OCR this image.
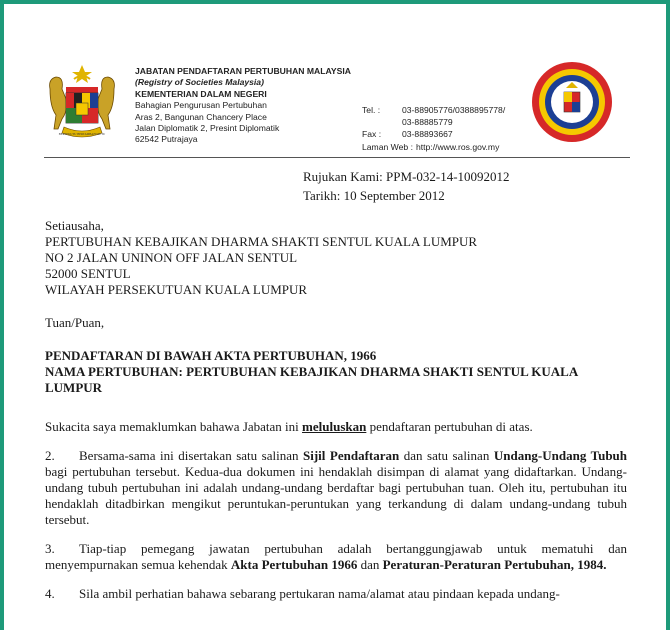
BERSEKUTU BERTAMBAH MUTU
JABATAN PENDAFTARAN PERTUBUHAN MALAYSIA
(Registry of Societies Malaysia)
KEMENTERIAN DALAM NEGERI
Bahagian Pengurusan Pertubuhan
Aras 2, Bangunan Chancery Place
Jalan Diplomatik 2, Presint Diplomatik
62542 Putrajaya
Tel. :	03-88905776/0388895778/
03-88885779
Fax :	03-88893667
Laman Web : http://www.ros.gov.my
Rujukan Kami: PPM-032-14-10092012
Tarikh: 10 September 2012

Setiausaha,

PERTUBUHAN KEBAJIKAN DHARMA SHAKTI SENTUL KUALA LUMPUR

NO 2 JALAN UNINON OFF JALAN SENTUL

52000 SENTUL

WILAYAH PERSEKUTUAN KUALA LUMPUR

Tuan/Puan,

PENDAFTARAN DI BAWAH AKTA PERTUBUHAN, 1966

NAMA PERTUBUHAN: PERTUBUHAN KEBAJIKAN DHARMA SHAKTI SENTUL KUALA LUMPUR

Sukacita saya memaklumkan bahawa Jabatan ini meluluskan pendaftaran pertubuhan di atas.

2. Bersama-sama ini disertakan satu salinan Sijil Pendaftaran dan satu salinan Undang-Undang Tubuh bagi pertubuhan tersebut. Kedua-dua dokumen ini hendaklah disimpan di alamat yang didaftarkan. Undang-undang tubuh pertubuhan ini adalah undang-undang berdaftar bagi pertubuhan tuan. Oleh itu, pertubuhan itu hendaklah ditadbirkan mengikut peruntukan-peruntukan yang terkandung di dalam undang-undang tubuh tersebut.

3. Tiap-tiap pemegang jawatan pertubuhan adalah bertanggungjawab untuk mematuhi dan menyempurnakan semua kehendak Akta Pertubuhan 1966 dan Peraturan-Peraturan Pertubuhan, 1984.

4. Sila ambil perhatian bahawa sebarang pertukaran nama/alamat atau pindaan kepada undang-
